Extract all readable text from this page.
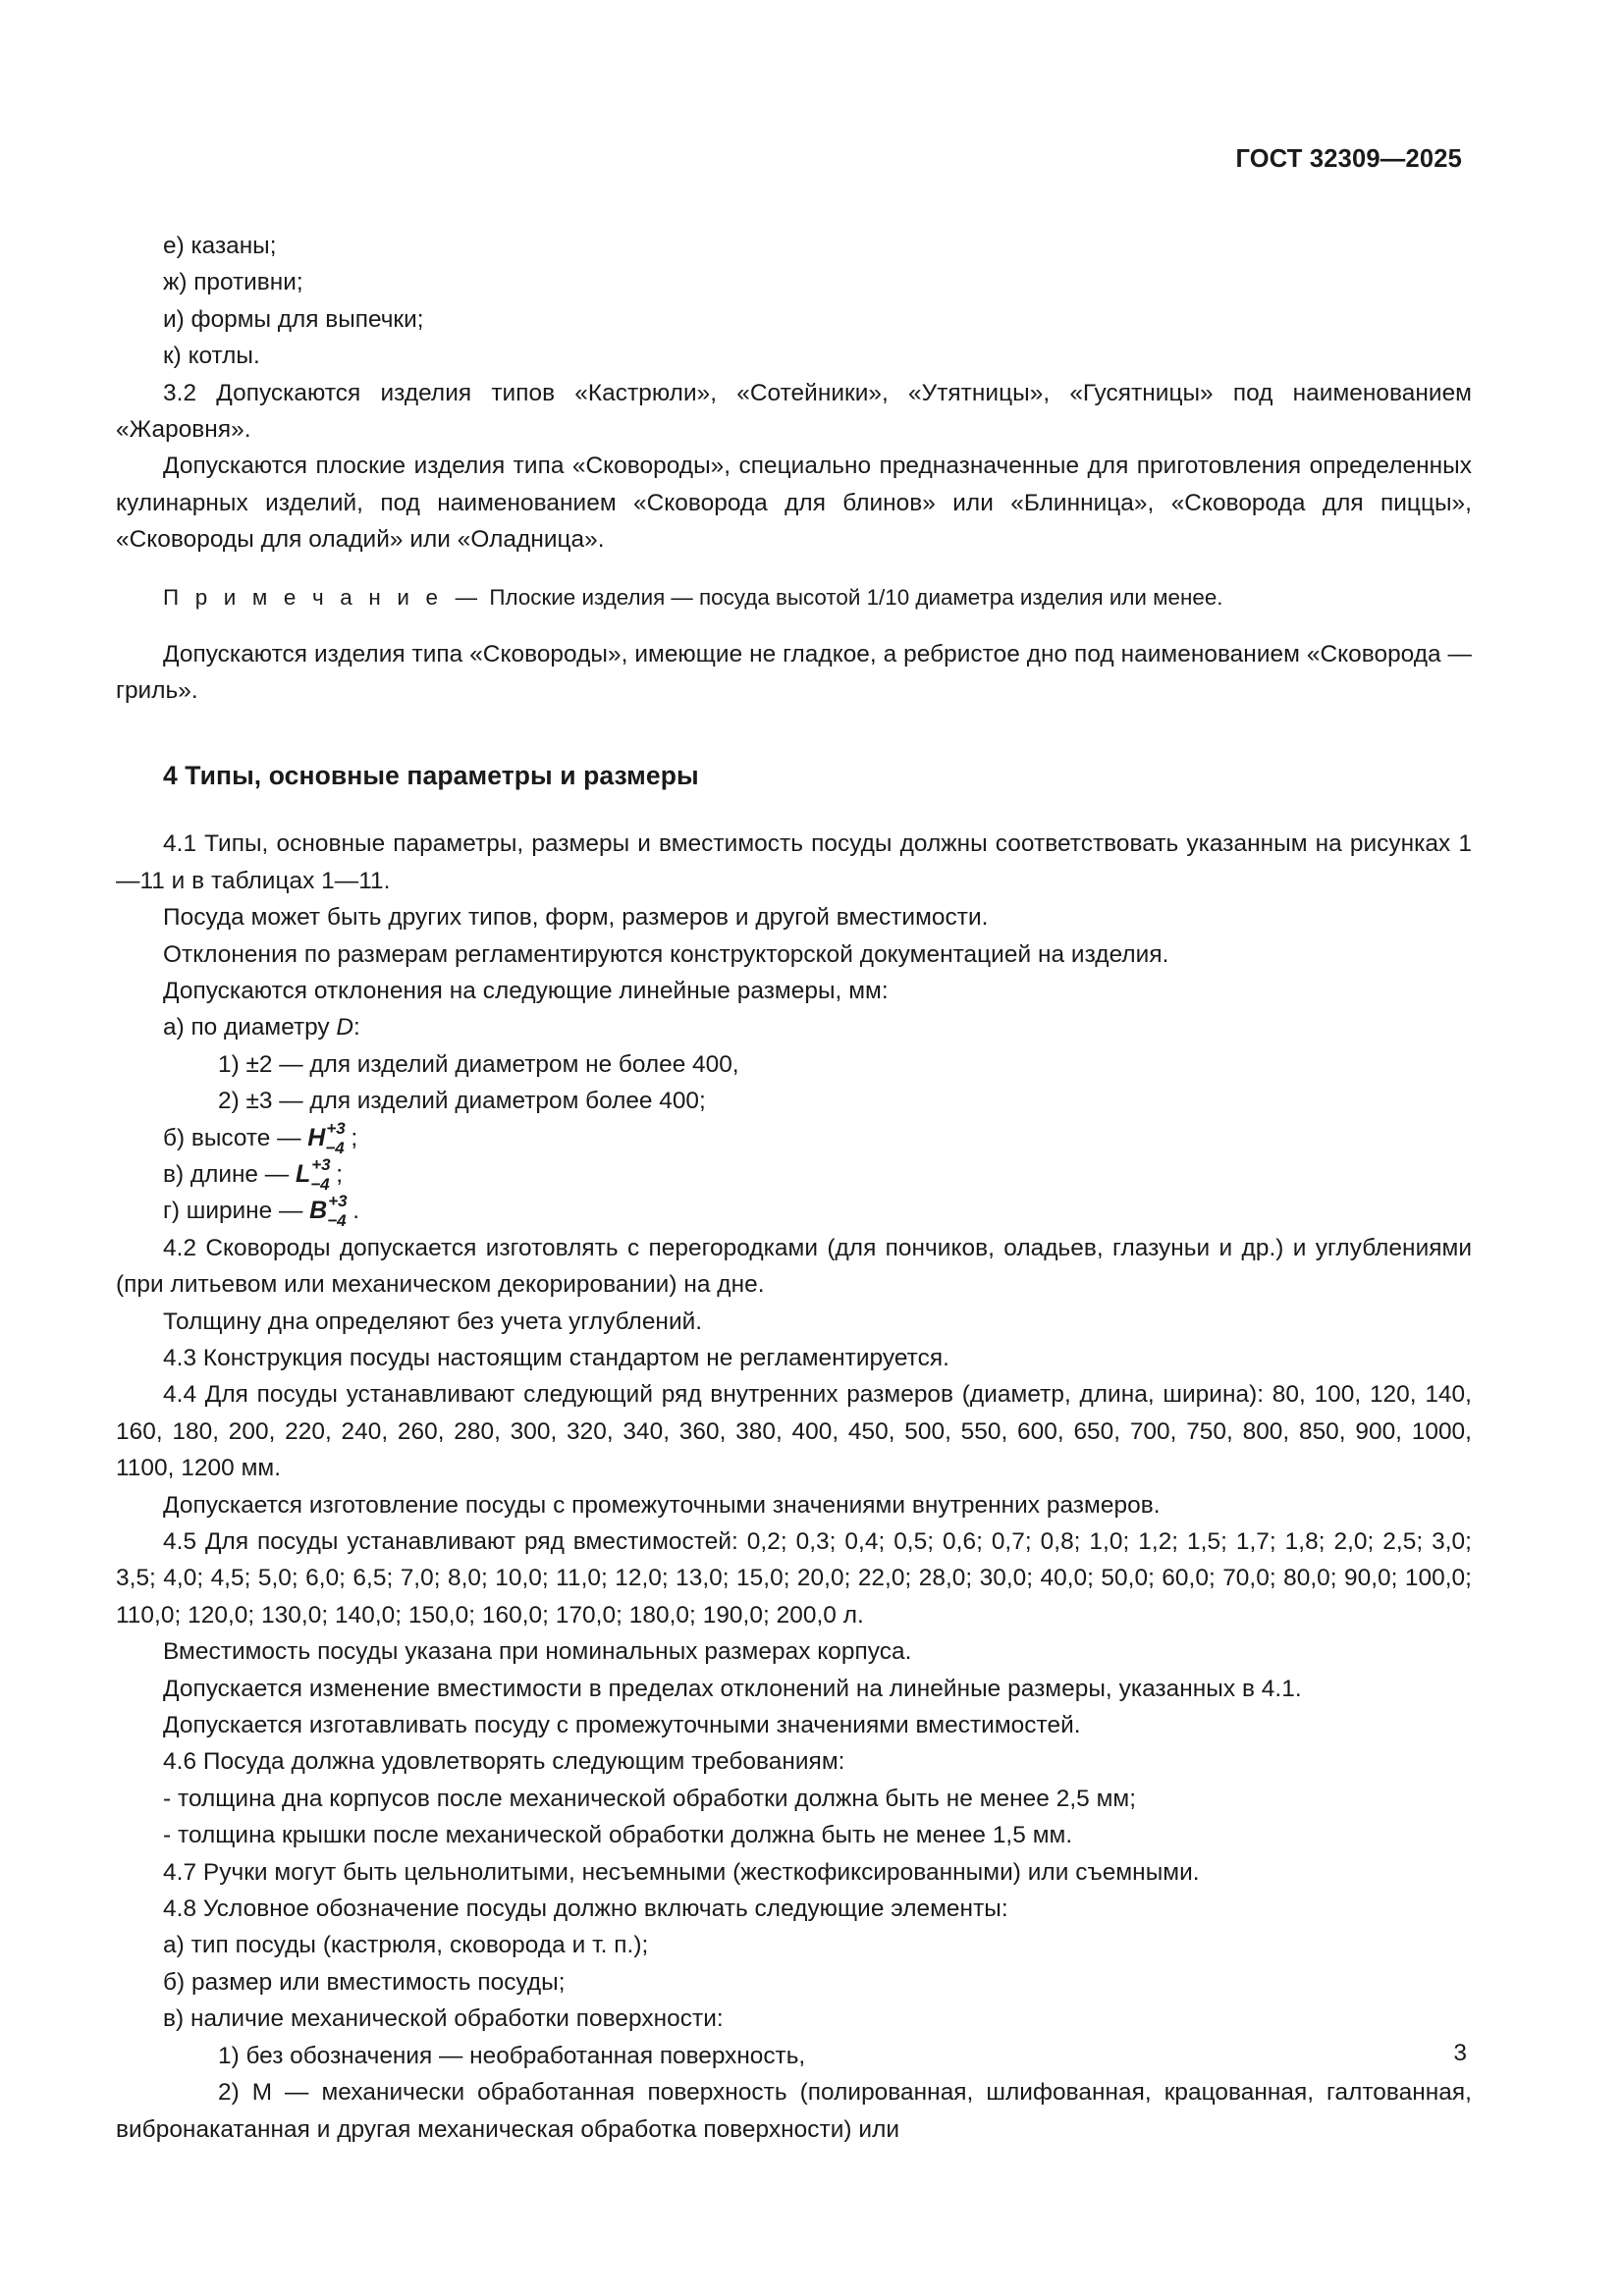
ГОСТ 32309—2025

е) казаны;

ж) противни;

и) формы для выпечки;

к) котлы.

3.2 Допускаются изделия типов «Кастрюли», «Сотейники», «Утятницы», «Гусятницы» под наименованием «Жаровня».

Допускаются плоские изделия типа «Сковороды», специально предназначенные для приготовления определенных кулинарных изделий, под наименованием «Сковорода для блинов» или «Блинница», «Сковорода для пиццы», «Сковороды для оладий» или «Оладница».

П р и м е ч а н и е  —  Плоские изделия — посуда высотой 1/10 диаметра изделия или менее.

Допускаются изделия типа «Сковороды», имеющие не гладкое, а ребристое дно под наименованием «Сковорода — гриль».

4 Типы, основные параметры и размеры

4.1 Типы, основные параметры, размеры и вместимость посуды должны соответствовать указанным на рисунках 1—11 и в таблицах 1—11.

Посуда может быть других типов, форм, размеров и другой вместимости.

Отклонения по размерам регламентируются конструкторской документацией на изделия.

Допускаются отклонения на следующие линейные размеры, мм:

а) по диаметру D:

1) ±2 — для изделий диаметром не более 400,

2) ±3 — для изделий диаметром более 400;

б) высоте — H +3
−4 ;

в) длине — L +3
−4 ;

г) ширине — B +3
−4 .

4.2 Сковороды допускается изготовлять с перегородками (для пончиков, оладьев, глазуньи и др.) и углублениями (при литьевом или механическом декорировании) на дне.

Толщину дна определяют без учета углублений.

4.3 Конструкция посуды настоящим стандартом не регламентируется.

4.4 Для посуды устанавливают следующий ряд внутренних размеров (диаметр, длина, ширина): 80, 100, 120, 140, 160, 180, 200, 220, 240, 260, 280, 300, 320, 340, 360, 380, 400, 450, 500, 550, 600, 650, 700, 750, 800, 850, 900, 1000, 1100, 1200 мм.

Допускается изготовление посуды с промежуточными значениями внутренних размеров.

4.5 Для посуды устанавливают ряд вместимостей: 0,2; 0,3; 0,4; 0,5; 0,6; 0,7; 0,8; 1,0; 1,2; 1,5; 1,7; 1,8; 2,0; 2,5; 3,0; 3,5; 4,0; 4,5; 5,0; 6,0; 6,5; 7,0; 8,0; 10,0; 11,0; 12,0; 13,0; 15,0; 20,0; 22,0; 28,0; 30,0; 40,0; 50,0; 60,0; 70,0; 80,0; 90,0; 100,0; 110,0; 120,0; 130,0; 140,0; 150,0; 160,0; 170,0; 180,0; 190,0; 200,0 л.

Вместимость посуды указана при номинальных размерах корпуса.

Допускается изменение вместимости в пределах отклонений на линейные размеры, указанных в 4.1.

Допускается изготавливать посуду с промежуточными значениями вместимостей.

4.6 Посуда должна удовлетворять следующим требованиям:

- толщина дна корпусов после механической обработки должна быть не менее 2,5 мм;

- толщина крышки после механической обработки должна быть не менее 1,5 мм.

4.7 Ручки могут быть цельнолитыми, несъемными (жесткофиксированными) или съемными.

4.8 Условное обозначение посуды должно включать следующие элементы:

а) тип посуды (кастрюля, сковорода и т. п.);

б) размер или вместимость посуды;

в) наличие механической обработки поверхности:

1) без обозначения — необработанная поверхность,

2) М — механически обработанная поверхность (полированная, шлифованная, крацованная, галтованная, вибронакатанная и другая механическая обработка поверхности) или

3
